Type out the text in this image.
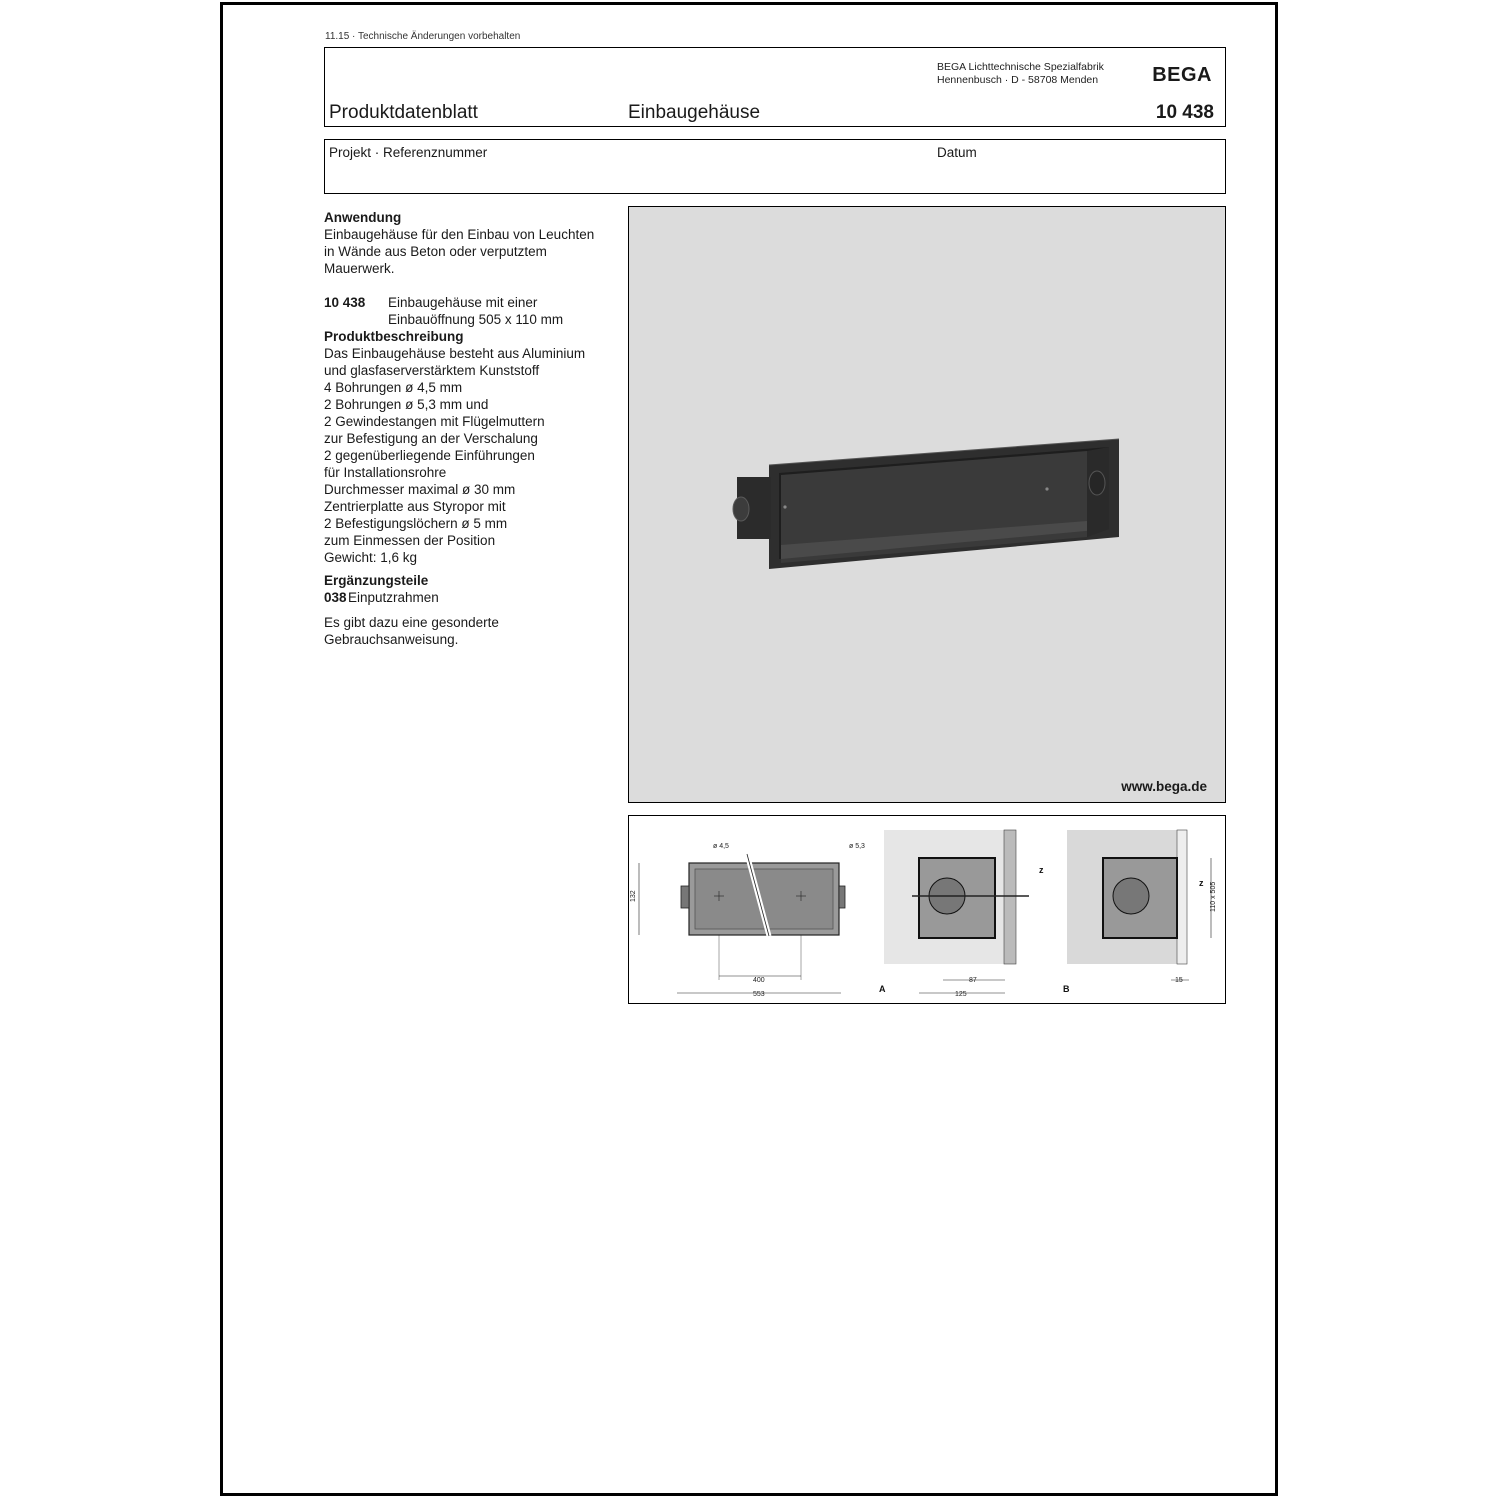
11.15 · Technische Änderungen vorbehalten
BEGA Lichttechnische Spezialfabrik
Hennenbusch · D - 58708 Menden	BEGA
Produktdatenblatt	Einbaugehäuse	10 438
Projekt · Referenznummer	Datum
Anwendung
Einbaugehäuse für den Einbau von Leuchten
in Wände aus Beton oder verputztem
Mauerwerk.
10 438	Einbaugehäuse mit einer
Einbauöffnung 505 x 110 mm
Produktbeschreibung
Das Einbaugehäuse besteht aus Aluminium
und glasfaserverstärktem Kunststoff
4 Bohrungen ø 4,5 mm
2 Bohrungen ø 5,3 mm und
2 Gewindestangen mit Flügelmuttern
zur Befestigung an der Verschalung
2 gegenüberliegende Einführungen
für Installationsrohre
Durchmesser maximal ø 30 mm
Zentrierplatte aus Styropor mit
2 Befestigungslöchern ø 5 mm
zum Einmessen der Position
Gewicht: 1,6 kg
Ergänzungsteile
038 Einputzrahmen
Es gibt dazu eine gesonderte
Gebrauchsanweisung.
www.bega.de
ø 4,5	ø 5,3
132
400
553
z
87
125
A
z 110 x 505
15
B
